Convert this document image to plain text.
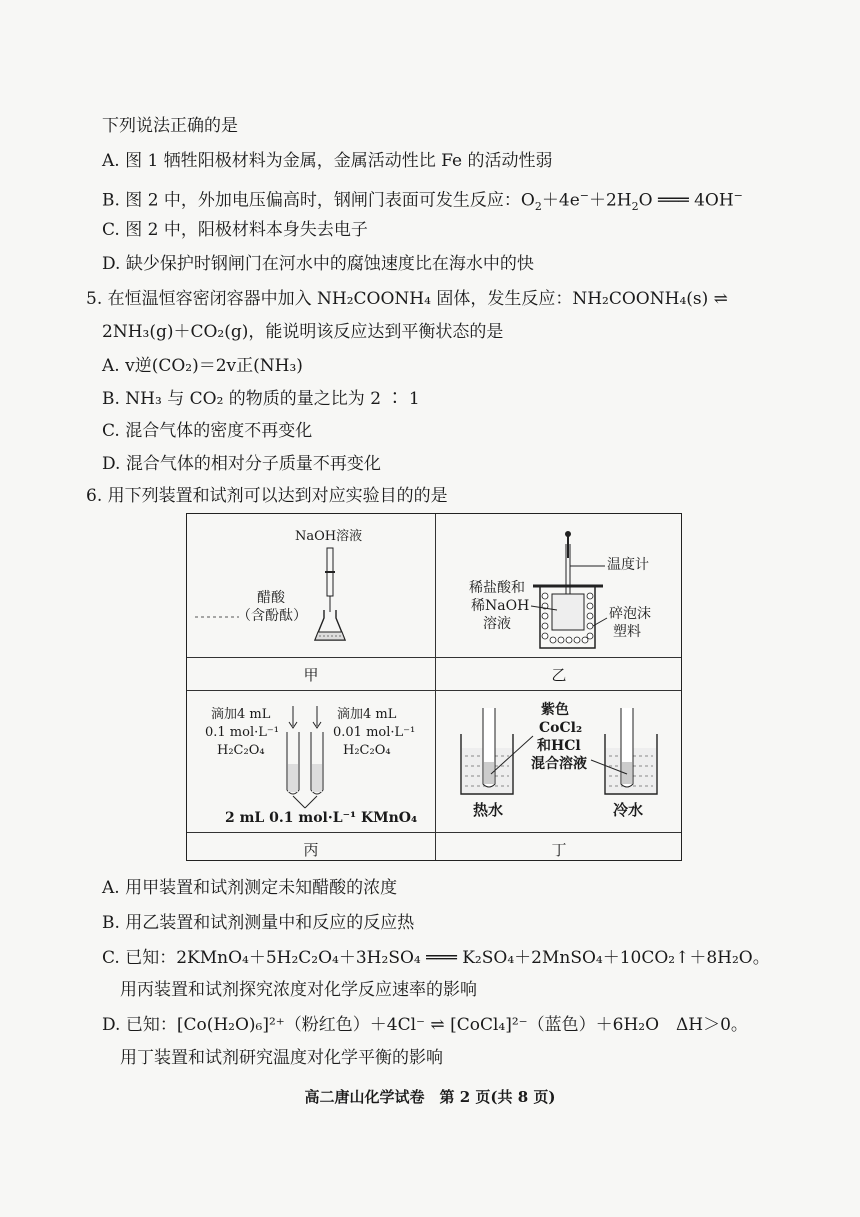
下列说法正确的是
A. 图 1 牺牲阳极材料为金属，金属活动性比 Fe 的活动性弱
B. 图 2 中，外加电压偏高时，钢闸门表面可发生反应：$O_2+4e^-+2H_2O$ ═══ 4OH−
C. 图 2 中，阳极材料本身失去电子
D. 缺少保护时钢闸门在河水中的腐蚀速度比在海水中的快
5. 在恒温恒容密闭容器中加入 NH₂COONH₄ 固体，发生反应：NH₂COONH₄(s) ⇌
2NH₃(g)＋CO₂(g)，能说明该反应达到平衡状态的是
A. v逆(CO₂)＝2v正(NH₃)
B. NH₃ 与 CO₂ 的物质的量之比为 2 ∶ 1
C. 混合气体的密度不再变化
D. 混合气体的相对分子质量不再变化
6. 用下列装置和试剂可以达到对应实验目的的是
NaOH溶液
醋酸
（含酚酞）
甲
温度计
稀盐酸和
稀NaOH
溶液
碎泡沫
塑料
乙
滴加4 mL
0.1 mol·L⁻¹
H₂C₂O₄
滴加4 mL
0.01 mol·L⁻¹
H₂C₂O₄
2 mL 0.1 mol·L⁻¹ KMnO₄
丙
紫色
CoCl₂
和HCl
混合溶液
热水	冷水
丁
A. 用甲装置和试剂测定未知醋酸的浓度
B. 用乙装置和试剂测量中和反应的反应热
C. 已知：2KMnO₄＋5H₂C₂O₄＋3H₂SO₄ ═══ K₂SO₄＋2MnSO₄＋10CO₂↑＋8H₂O。
用丙装置和试剂探究浓度对化学反应速率的影响
D. 已知：[Co(H₂O)₆]²⁺（粉红色）＋4Cl⁻ ⇌ [CoCl₄]²⁻（蓝色）＋6H₂O　ΔH＞0。
用丁装置和试剂研究温度对化学平衡的影响
高二唐山化学试卷　第 2 页(共 8 页)
